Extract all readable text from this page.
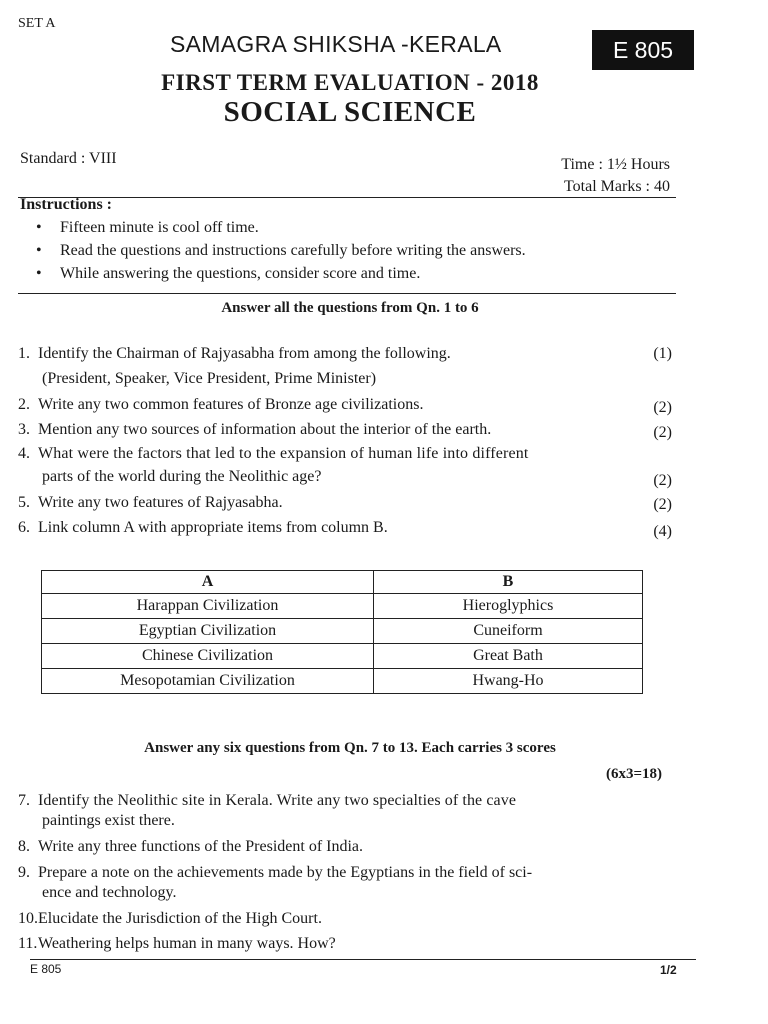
SET A
SAMAGRA SHIKSHA -KERALA	E 805
FIRST TERM EVALUATION - 2018
SOCIAL SCIENCE
Standard : VIII	Time : 1½ Hours
Total Marks : 40
Instructions :
• Fifteen minute is cool off time.
• Read the questions and instructions carefully before writing the answers.
• While answering the questions, consider score and time.
Answer all the questions from Qn. 1 to 6
1. Identify the Chairman of Rajyasabha from among the following.	(1)
(President, Speaker, Vice President, Prime Minister)
2. Write any two common features of Bronze age civilizations.	(2)
3. Mention any two sources of information about the interior of the earth.	(2)
4. What were the factors that led to the expansion of human life into different
parts of the world during the Neolithic age?	(2)
5. Write any two features of Rajyasabha.	(2)
6. Link column A with appropriate items from column B.	(4)
A	B
Harappan Civilization	Hieroglyphics
Egyptian Civilization	Cuneiform
Chinese Civilization	Great Bath
Mesopotamian Civilization	Hwang-Ho
Answer any six questions from Qn. 7 to 13. Each carries 3 scores
(6x3=18)
7. Identify the Neolithic site in Kerala. Write any two specialties of the cave
paintings exist there.
8. Write any three functions of the President of India.
9. Prepare a note on the achievements made by the Egyptians in the field of sci-
ence and technology.
10. Elucidate the Jurisdiction of the High Court.
11. Weathering helps human in many ways. How?
E 805	1/2
